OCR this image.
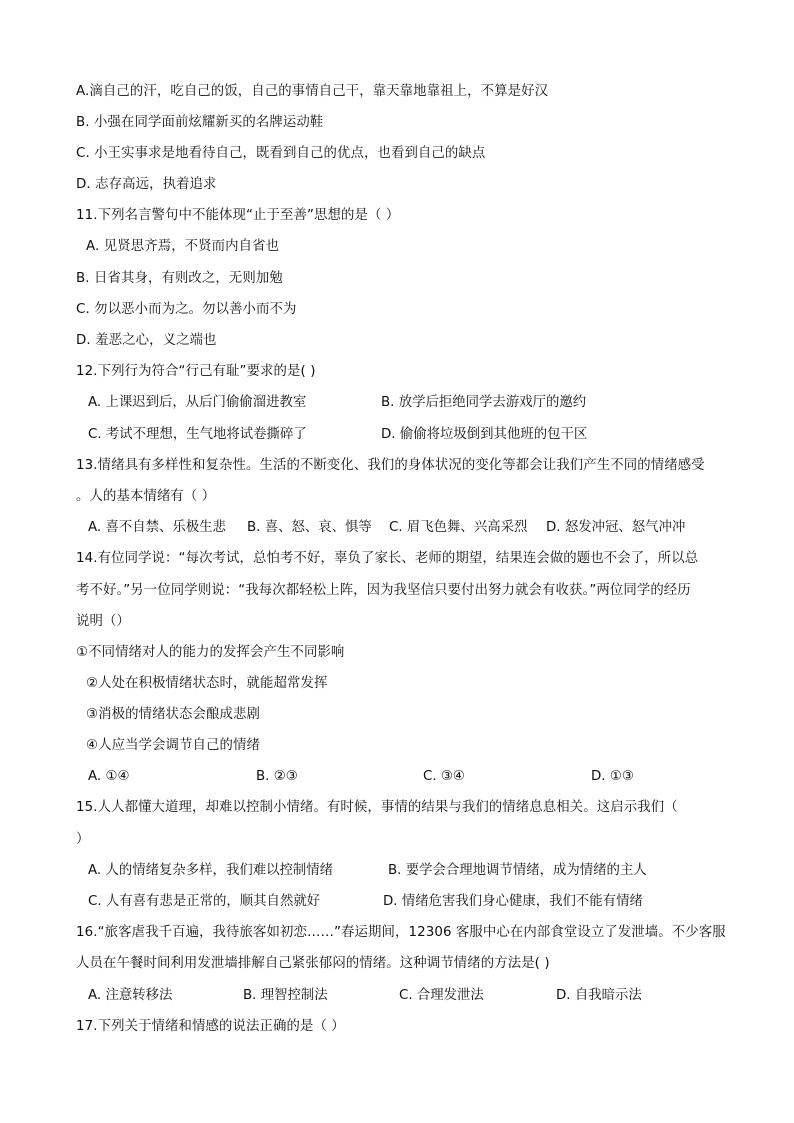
A.滴自己的汗，吃自己的饭，自己的事情自己干，靠天靠地靠祖上，不算是好汉
B. 小强在同学面前炫耀新买的名牌运动鞋
C. 小王实事求是地看待自己，既看到自己的优点，也看到自己的缺点
D. 志存高远，执着追求
11.下列名言警句中不能体现“止于至善”思想的是（ ）
A. 见贤思齐焉，不贤而内自省也
B. 日省其身，有则改之，无则加勉
C. 勿以恶小而为之。勿以善小而不为
D. 羞恶之心，义之端也
12.下列行为符合“行己有耻”要求的是( )
A. 上课迟到后，从后门偷偷溜进教室	B. 放学后拒绝同学去游戏厅的邀约
C. 考试不理想，生气地将试卷撕碎了	D. 偷偷将垃圾倒到其他班的包干区
13.情绪具有多样性和复杂性。生活的不断变化、我们的身体状况的变化等都会让我们产生不同的情绪感受
。人的基本情绪有（ ）
A. 喜不自禁、乐极生悲 B. 喜、怒、哀、惧等 C. 眉飞色舞、兴高采烈 D. 怒发冲冠、怒气冲冲
14.有位同学说：“每次考试，总怕考不好，辜负了家长、老师的期望，结果连会做的题也不会了，所以总
考不好。”另一位同学则说：“我每次都轻松上阵，因为我坚信只要付出努力就会有收获。”两位同学的经历
说明（）
①不同情绪对人的能力的发挥会产生不同影响
②人处在积极情绪状态时，就能超常发挥
③消极的情绪状态会酿成悲剧
④人应当学会调节自己的情绪
A. ①④	B. ②③	C. ③④	D. ①③
15.人人都懂大道理，却难以控制小情绪。有时候，事情的结果与我们的情绪息息相关。这启示我们（
）
A. 人的情绪复杂多样，我们难以控制情绪	B. 要学会合理地调节情绪，成为情绪的主人
C. 人有喜有悲是正常的，顺其自然就好	D. 情绪危害我们身心健康，我们不能有情绪
16.“旅客虐我千百遍，我待旅客如初恋……”春运期间，12306 客服中心在内部食堂设立了发泄墙。不少客服
人员在午餐时间利用发泄墙排解自己紧张郁闷的情绪。这种调节情绪的方法是( )
A. 注意转移法	B. 理智控制法	C. 合理发泄法	D. 自我暗示法
17.下列关于情绪和情感的说法正确的是（ ）
